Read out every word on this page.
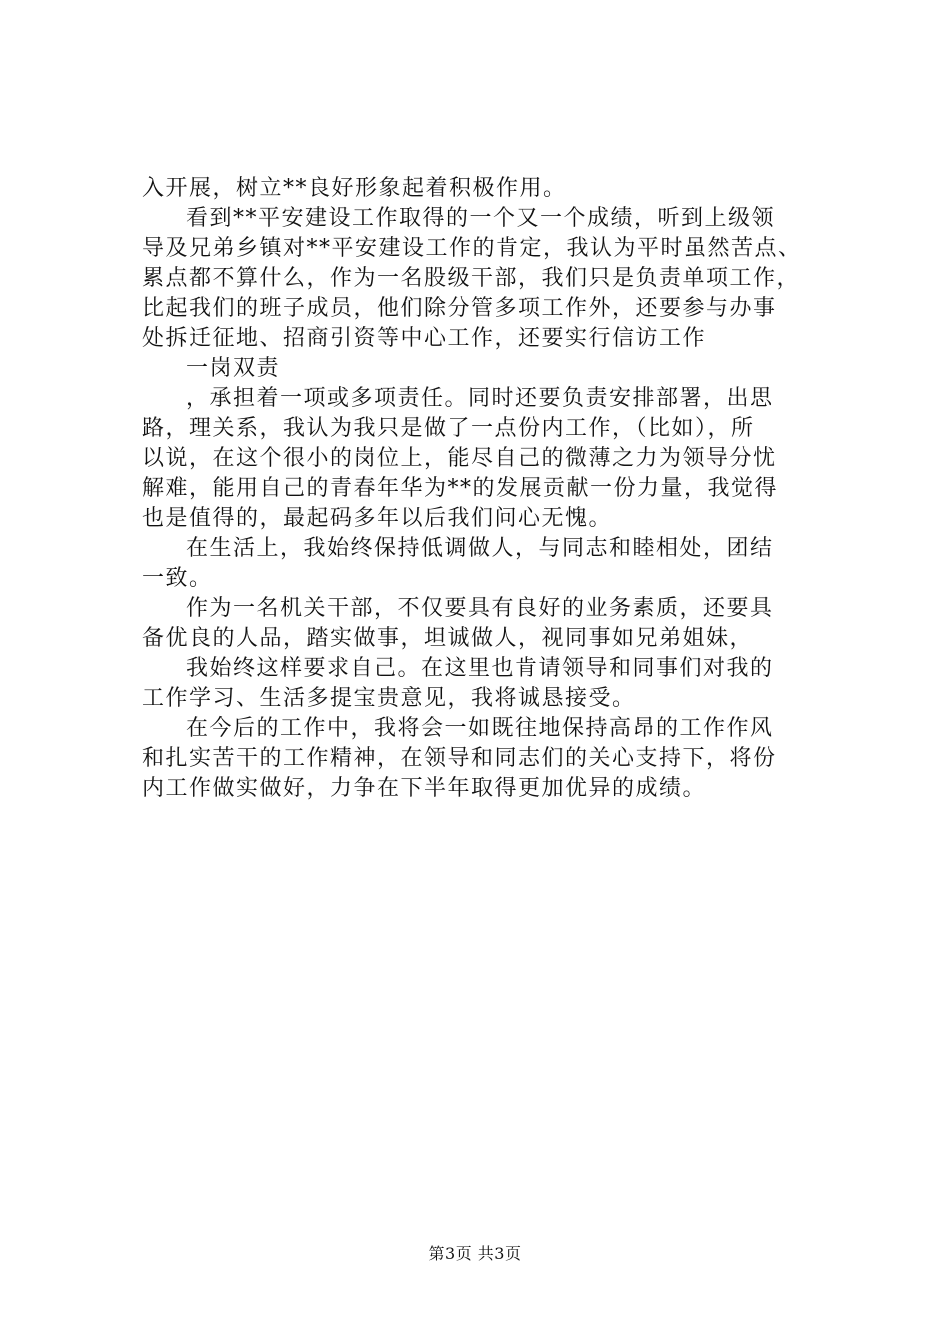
入开展，树立**良好形象起着积极作用。
看到**平安建设工作取得的一个又一个成绩，听到上级领
导及兄弟乡镇对**平安建设工作的肯定，我认为平时虽然苦点、
累点都不算什么，作为一名股级干部，我们只是负责单项工作，
比起我们的班子成员，他们除分管多项工作外，还要参与办事
处拆迁征地、招商引资等中心工作，还要实行信访工作
一岗双责
，承担着一项或多项责任。同时还要负责安排部署，出思
路，理关系，我认为我只是做了一点份内工作，（比如），所
以说，在这个很小的岗位上，能尽自己的微薄之力为领导分忧
解难，能用自己的青春年华为**的发展贡献一份力量，我觉得
也是值得的，最起码多年以后我们问心无愧。
在生活上，我始终保持低调做人，与同志和睦相处，团结
一致。
作为一名机关干部，不仅要具有良好的业务素质，还要具
备优良的人品，踏实做事，坦诚做人，视同事如兄弟姐妹，
我始终这样要求自己。在这里也肯请领导和同事们对我的
工作学习、生活多提宝贵意见，我将诚恳接受。
在今后的工作中，我将会一如既往地保持高昂的工作作风
和扎实苦干的工作精神，在领导和同志们的关心支持下，将份
内工作做实做好，力争在下半年取得更加优异的成绩。
第3页 共3页
